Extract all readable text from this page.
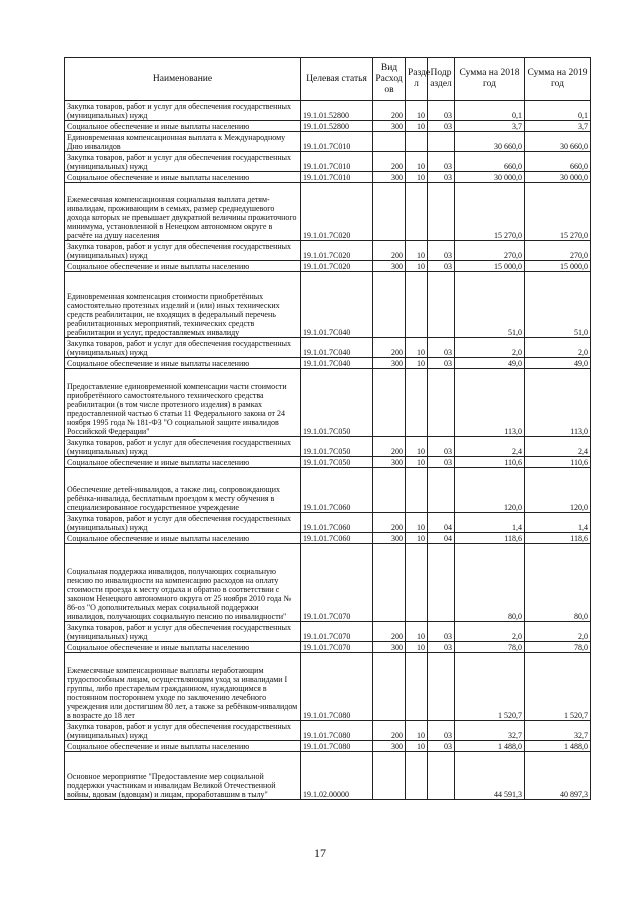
Наименование	Целевая статья	Вид Расход ов	Разде л	Подр аздел	Сумма на 2018 год	Сумма на 2019 год
Закупка товаров, работ и услуг для обеспечения государственных (муниципальных) нужд	19.1.01.52800	200	10	03	0,1	0,1
Социальное обеспечение и иные выплаты населению	19.1.01.52800	300	10	03	3,7	3,7
Единовременная компенсационная выплата к Международному Дню инвалидов	19.1.01.7С010				30 660,0	30 660,0
Закупка товаров, работ и услуг для обеспечения государственных (муниципальных) нужд	19.1.01.7С010	200	10	03	660,0	660,0
Социальное обеспечение и иные выплаты населению	19.1.01.7С010	300	10	03	30 000,0	30 000,0
Ежемесячная компенсационная социальная выплата детям-инвалидам, проживающим в семьях, размер среднедушевого дохода которых не превышает двукратной величины прожиточного минимума, установленной в Ненецком автономном округе в расчёте на душу населения	19.1.01.7С020				15 270,0	15 270,0
Закупка товаров, работ и услуг для обеспечения государственных (муниципальных) нужд	19.1.01.7С020	200	10	03	270,0	270,0
Социальное обеспечение и иные выплаты населению	19.1.01.7С020	300	10	03	15 000,0	15 000,0
Единовременная компенсация стоимости приобретённых самостоятельно протезных изделий и (или) иных технических средств реабилитации, не входящих в федеральный перечень реабилитационных мероприятий, технических средств реабилитации и услуг, предоставляемых инвалиду	19.1.01.7С040				51,0	51,0
Закупка товаров, работ и услуг для обеспечения государственных (муниципальных) нужд	19.1.01.7С040	200	10	03	2,0	2,0
Социальное обеспечение и иные выплаты населению	19.1.01.7С040	300	10	03	49,0	49,0
Предоставление единовременной компенсации части стоимости приобретённого самостоятельного технического средства реабилитации (в том числе протезного изделия) в рамках предоставленной частью 6 статьи 11 Федерального закона от 24 ноября 1995 года № 181-ФЗ "О социальной защите инвалидов Российской Федерации"	19.1.01.7С050				113,0	113,0
Закупка товаров, работ и услуг для обеспечения государственных (муниципальных) нужд	19.1.01.7С050	200	10	03	2,4	2,4
Социальное обеспечение и иные выплаты населению	19.1.01.7С050	300	10	03	110,6	110,6
Обеспечение детей-инвалидов, а также лиц, сопровождающих ребёнка-инвалида, бесплатным проездом к месту обучения в специализированное государственное учреждение	19.1.01.7С060				120,0	120,0
Закупка товаров, работ и услуг для обеспечения государственных (муниципальных) нужд	19.1.01.7С060	200	10	04	1,4	1,4
Социальное обеспечение и иные выплаты населению	19.1.01.7С060	300	10	04	118,6	118,6
Социальная поддержка инвалидов, получающих социальную пенсию по инвалидности на компенсацию расходов на оплату стоимости проезда к месту отдыха и обратно в соответствии с законом Ненецкого автономного округа от 25 ноября 2010 года № 86-оз "О дополнительных мерах социальной поддержки инвалидов, получающих социальную пенсию по инвалидности"	19.1.01.7С070				80,0	80,0
Закупка товаров, работ и услуг для обеспечения государственных (муниципальных) нужд	19.1.01.7С070	200	10	03	2,0	2,0
Социальное обеспечение и иные выплаты населению	19.1.01.7С070	300	10	03	78,0	78,0
Ежемесячные компенсационные выплаты неработающим трудоспособным лицам, осуществляющим уход за инвалидами I группы, либо престарелым гражданином, нуждающимся в постоянном постороннем уходе по заключению лечебного учреждения или достигшим 80 лет, а также за ребёнком-инвалидом в возрасте до 18 лет	19.1.01.7С080				1 520,7	1 520,7
Закупка товаров, работ и услуг для обеспечения государственных (муниципальных) нужд	19.1.01.7С080	200	10	03	32,7	32,7
Социальное обеспечение и иные выплаты населению	19.1.01.7С080	300	10	03	1 488,0	1 488,0
Основное мероприятие "Предоставление мер социальной поддержки участникам и инвалидам Великой Отечественной войны, вдовам (вдовцам) и лицам, проработавшим в тылу"	19.1.02.00000				44 591,3	40 897,3
17
